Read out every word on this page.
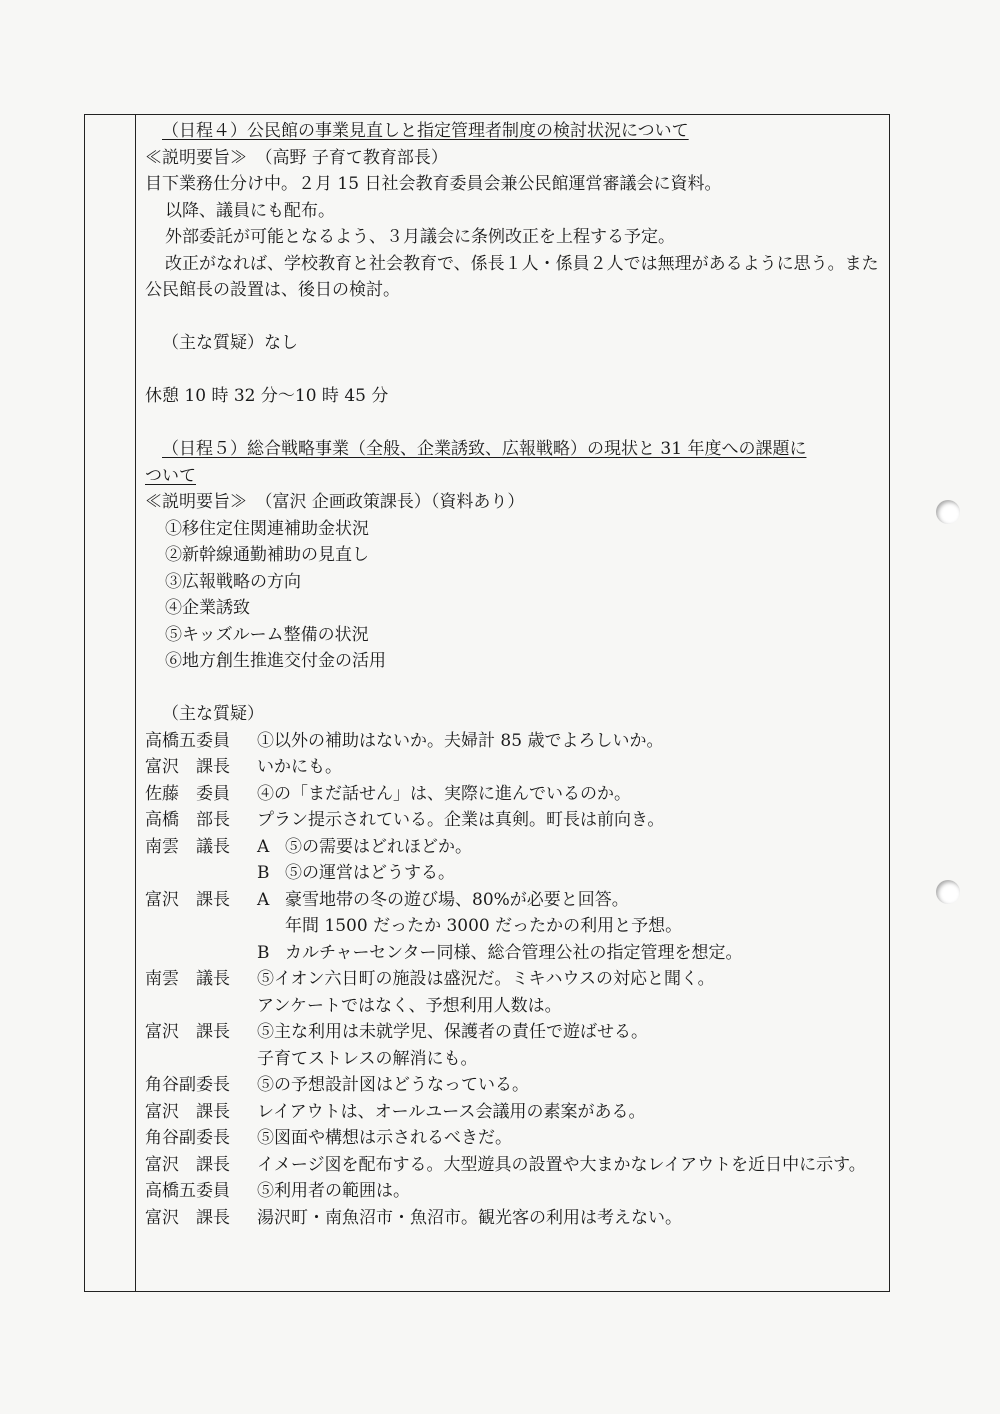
（日程４）公民館の事業見直しと指定管理者制度の検討状況について
≪説明要旨≫　（高野 子育て教育部長）
目下業務仕分け中。２月 15 日社会教育委員会兼公民館運営審議会に資料。
以降、議員にも配布。
外部委託が可能となるよう、３月議会に条例改正を上程する予定。
改正がなれば、学校教育と社会教育で、係長１人・係員２人では無理があるように思う。また公民館長の設置は、後日の検討。
（主な質疑）なし
休憩 10 時 32 分～10 時 45 分
（日程５）総合戦略事業（全般、企業誘致、広報戦略）の現状と 31 年度への課題に
ついて
≪説明要旨≫　（富沢 企画政策課長）（資料あり）
①移住定住関連補助金状況
②新幹線通勤補助の見直し
③広報戦略の方向
④企業誘致
⑤キッズルーム整備の状況
⑥地方創生推進交付金の活用
（主な質疑）
高橋五委員	①以外の補助はないか。夫婦計 85 歳でよろしいか。
富沢　課長	いかにも。
佐藤　委員	④の「まだ話せん」は、実際に進んでいるのか。
高橋　部長	プラン提示されている。企業は真剣。町長は前向き。
南雲　議長	A ⑤の需要はどれほどか。
B ⑤の運営はどうする。
富沢　課長	A 豪雪地帯の冬の遊び場、80%が必要と回答。
年間 1500 だったか 3000 だったかの利用と予想。
B カルチャーセンター同様、総合管理公社の指定管理を想定。
南雲　議長	⑤イオン六日町の施設は盛況だ。ミキハウスの対応と聞く。
アンケートではなく、予想利用人数は。
富沢　課長	⑤主な利用は未就学児、保護者の責任で遊ばせる。
子育てストレスの解消にも。
角谷副委長	⑤の予想設計図はどうなっている。
富沢　課長	レイアウトは、オールユース会議用の素案がある。
角谷副委長	⑤図面や構想は示されるべきだ。
富沢　課長	イメージ図を配布する。大型遊具の設置や大まかなレイアウトを近日中に示す。
高橋五委員	⑤利用者の範囲は。
富沢　課長	湯沢町・南魚沼市・魚沼市。観光客の利用は考えない。
